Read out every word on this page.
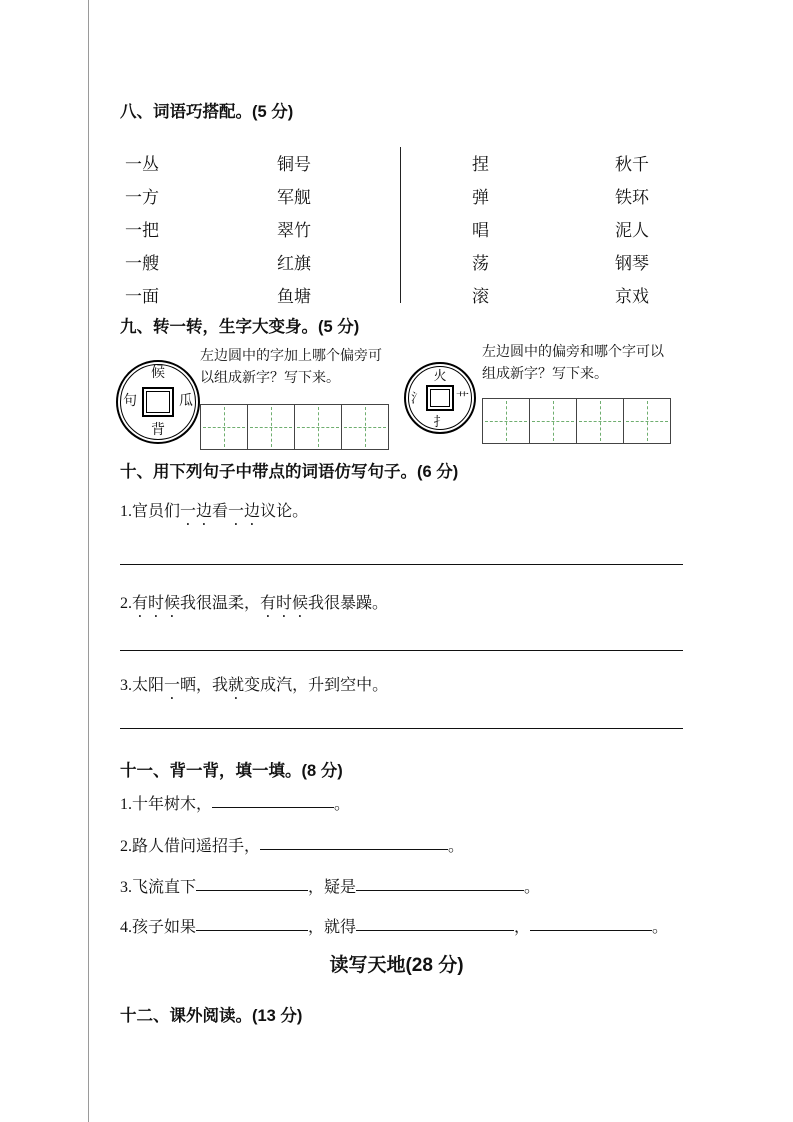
八、词语巧搭配。(5 分)
一丛	铜号
一方	军舰
一把	翠竹
一艘	红旗
一面	鱼塘
捏	秋千
弹	铁环
唱	泥人
荡	钢琴
滚	京戏
九、转一转，生字大变身。(5 分)
候
瓜
背
句
左边圆中的字加上哪个偏旁可以组成新字？写下来。	火
艹
扌
氵
左边圆中的偏旁和哪个字可以组成新字？写下来。
十、用下列句子中带点的词语仿写句子。(6 分)
1.官员们一边看一边议论。
2.有时候我很温柔，有时候我很暴躁。
3.太阳一晒，我就变成汽，升到空中。
十一、背一背，填一填。(8 分)
1.十年树木，	。
2.路人借问遥招手，	。
3.飞流直下	，疑是	。
4.孩子如果	，就得	，	。
读写天地(28 分)
十二、课外阅读。(13 分)
